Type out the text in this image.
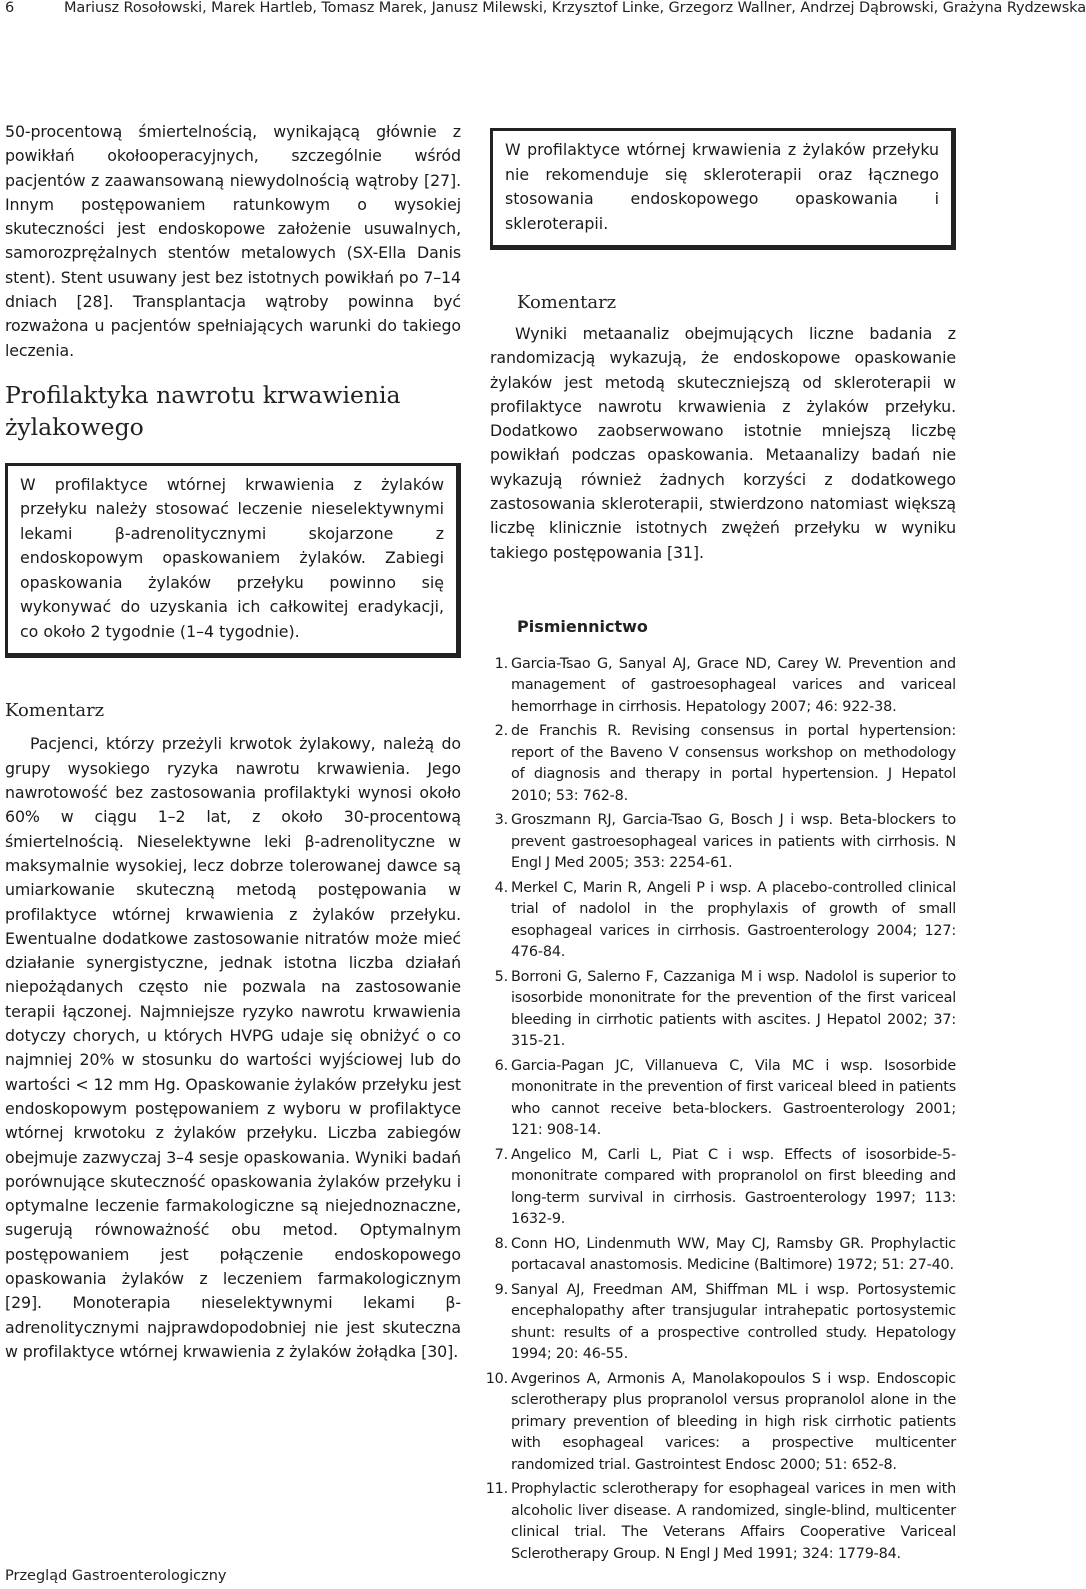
6	Mariusz Rosołowski, Marek Hartleb, Tomasz Marek, Janusz Milewski, Krzysztof Linke, Grzegorz Wallner, Andrzej Dąbrowski, Grażyna Rydzewska

50-procentową śmiertelnością, wynikającą głównie z powikłań okołooperacyjnych, szczególnie wśród pacjentów z zaawansowaną niewydolnością wątroby [27]. Innym postępowaniem ratunkowym o wysokiej skuteczności jest endoskopowe założenie usuwalnych, samorozprężalnych stentów metalowych (SX-Ella Danis stent). Stent usuwany jest bez istotnych powikłań po 7–14 dniach [28]. Transplantacja wątroby powinna być rozważona u pacjentów spełniających warunki do takiego leczenia.

Profilaktyka nawrotu krwawienia żylakowego

W profilaktyce wtórnej krwawienia z żylaków przełyku należy stosować leczenie nieselektywnymi lekami β-adrenolitycznymi skojarzone z endoskopowym opaskowaniem żylaków. Zabiegi opaskowania żylaków przełyku powinno się wykonywać do uzyskania ich całkowitej eradykacji, co około 2 tygodnie (1–4 tygodnie).

Komentarz

Pacjenci, którzy przeżyli krwotok żylakowy, należą do grupy wysokiego ryzyka nawrotu krwawienia. Jego nawrotowość bez zastosowania profilaktyki wynosi około 60% w ciągu 1–2 lat, z około 30-procentową śmiertelnością. Nieselektywne leki β-adrenolityczne w maksymalnie wysokiej, lecz dobrze tolerowanej dawce są umiarkowanie skuteczną metodą postępowania w profilaktyce wtórnej krwawienia z żylaków przełyku. Ewentualne dodatkowe zastosowanie nitratów może mieć działanie synergistyczne, jednak istotna liczba działań niepożądanych często nie pozwala na zastosowanie terapii łączonej. Najmniejsze ryzyko nawrotu krwawienia dotyczy chorych, u których HVPG udaje się obniżyć o co najmniej 20% w stosunku do wartości wyjściowej lub do wartości < 12 mm Hg. Opaskowanie żylaków przełyku jest endoskopowym postępowaniem z wyboru w profilaktyce wtórnej krwotoku z żylaków przełyku. Liczba zabiegów obejmuje zazwyczaj 3–4 sesje opaskowania. Wyniki badań porównujące skuteczność opaskowania żylaków przełyku i optymalne leczenie farmakologiczne są niejednoznaczne, sugerują równoważność obu metod. Optymalnym postępowaniem jest połączenie endoskopowego opaskowania żylaków z leczeniem farmakologicznym [29]. Monoterapia nieselektywnymi lekami β-adrenolitycznymi najprawdopodobniej nie jest skuteczna w profilaktyce wtórnej krwawienia z żylaków żołądka [30].

W profilaktyce wtórnej krwawienia z żylaków przełyku nie rekomenduje się skleroterapii oraz łącznego stosowania endoskopowego opaskowania i skleroterapii.

Komentarz

Wyniki metaanaliz obejmujących liczne badania z randomizacją wykazują, że endoskopowe opaskowanie żylaków jest metodą skuteczniejszą od skleroterapii w profilaktyce nawrotu krwawienia z żylaków przełyku. Dodatkowo zaobserwowano istotnie mniejszą liczbę powikłań podczas opaskowania. Metaanalizy badań nie wykazują również żadnych korzyści z dodatkowego zastosowania skleroterapii, stwierdzono natomiast większą liczbę klinicznie istotnych zwężeń przełyku w wyniku takiego postępowania [31].

Pismiennictwo
1. Garcia-Tsao G, Sanyal AJ, Grace ND, Carey W. Prevention and management of gastroesophageal varices and variceal hemorrhage in cirrhosis. Hepatology 2007; 46: 922-38.
2. de Franchis R. Revising consensus in portal hypertension: report of the Baveno V consensus workshop on methodology of diagnosis and therapy in portal hypertension. J Hepatol 2010; 53: 762-8.
3. Groszmann RJ, Garcia-Tsao G, Bosch J i wsp. Beta-blockers to prevent gastroesophageal varices in patients with cirrhosis. N Engl J Med 2005; 353: 2254-61.
4. Merkel C, Marin R, Angeli P i wsp. A placebo-controlled clinical trial of nadolol in the prophylaxis of growth of small esophageal varices in cirrhosis. Gastroenterology 2004; 127: 476-84.
5. Borroni G, Salerno F, Cazzaniga M i wsp. Nadolol is superior to isosorbide mononitrate for the prevention of the first variceal bleeding in cirrhotic patients with ascites. J Hepatol 2002; 37: 315-21.
6. Garcia-Pagan JC, Villanueva C, Vila MC i wsp. Isosorbide mononitrate in the prevention of first variceal bleed in patients who cannot receive beta-blockers. Gastroenterology 2001; 121: 908-14.
7. Angelico M, Carli L, Piat C i wsp. Effects of isosorbide-5-mononitrate compared with propranolol on first bleeding and long-term survival in cirrhosis. Gastroenterology 1997; 113: 1632-9.
8. Conn HO, Lindenmuth WW, May CJ, Ramsby GR. Prophylactic portacaval anastomosis. Medicine (Baltimore) 1972; 51: 27-40.
9. Sanyal AJ, Freedman AM, Shiffman ML i wsp. Portosystemic encephalopathy after transjugular intrahepatic portosystemic shunt: results of a prospective controlled study. Hepatology 1994; 20: 46-55.
10. Avgerinos A, Armonis A, Manolakopoulos S i wsp. Endoscopic sclerotherapy plus propranolol versus propranolol alone in the primary prevention of bleeding in high risk cirrhotic patients with esophageal varices: a prospective multicenter randomized trial. Gastrointest Endosc 2000; 51: 652-8.
11. Prophylactic sclerotherapy for esophageal varices in men with alcoholic liver disease. A randomized, single-blind, multicenter clinical trial. The Veterans Affairs Cooperative Variceal Sclerotherapy Group. N Engl J Med 1991; 324: 1779-84.
Przegląd Gastroenterologiczny
